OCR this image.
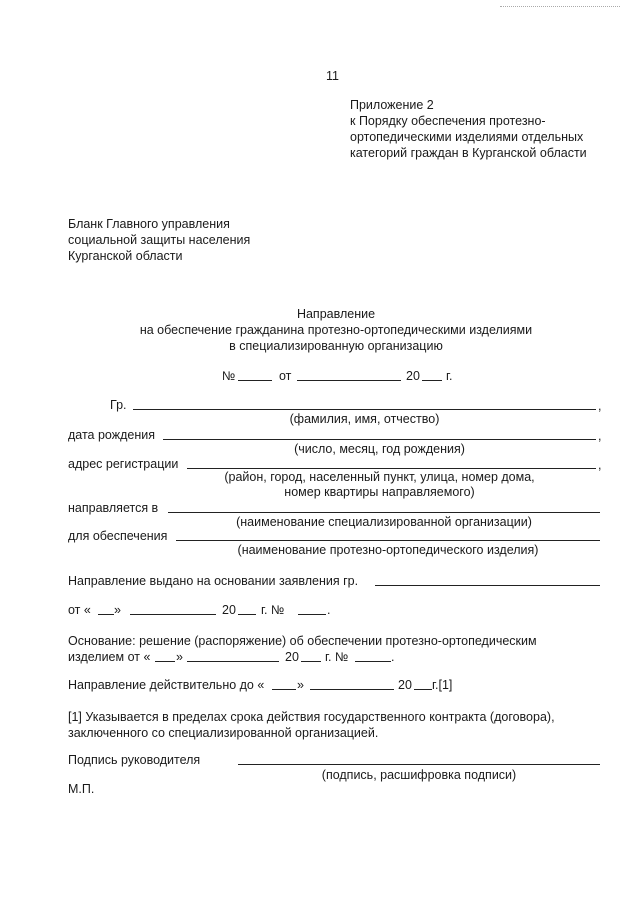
11
Приложение 2
к Порядку обеспечения протезно-
ортопедическими изделиями отдельных
категорий граждан в Курганской области
Бланк Главного управления
социальной защиты населения
Курганской области
Направление
на обеспечение гражданина протезно-ортопедическими изделиями
в специализированную организацию
№	от	20 г.
Гр.	,
(фамилия, имя, отчество)
дата рождения	,
(число, месяц, год рождения)
адрес регистрации	,
(район, город, населенный пункт, улица, номер дома,
номер квартиры направляемого)
направляется в
(наименование специализированной организации)
для обеспечения
(наименование протезно-ортопедического изделия)
Направление выдано на основании заявления гр.
от « »	20 г. №	.
Основание: решение (распоряжение) об обеспечении протезно-ортопедическим
изделием от « »	20 г. №	.
Направление действительно до «	»	20 г.[1]
[1] Указывается в пределах срока действия государственного контракта (договора),
заключенного со специализированной организацией.
Подпись руководителя
(подпись, расшифровка подписи)
М.П.
